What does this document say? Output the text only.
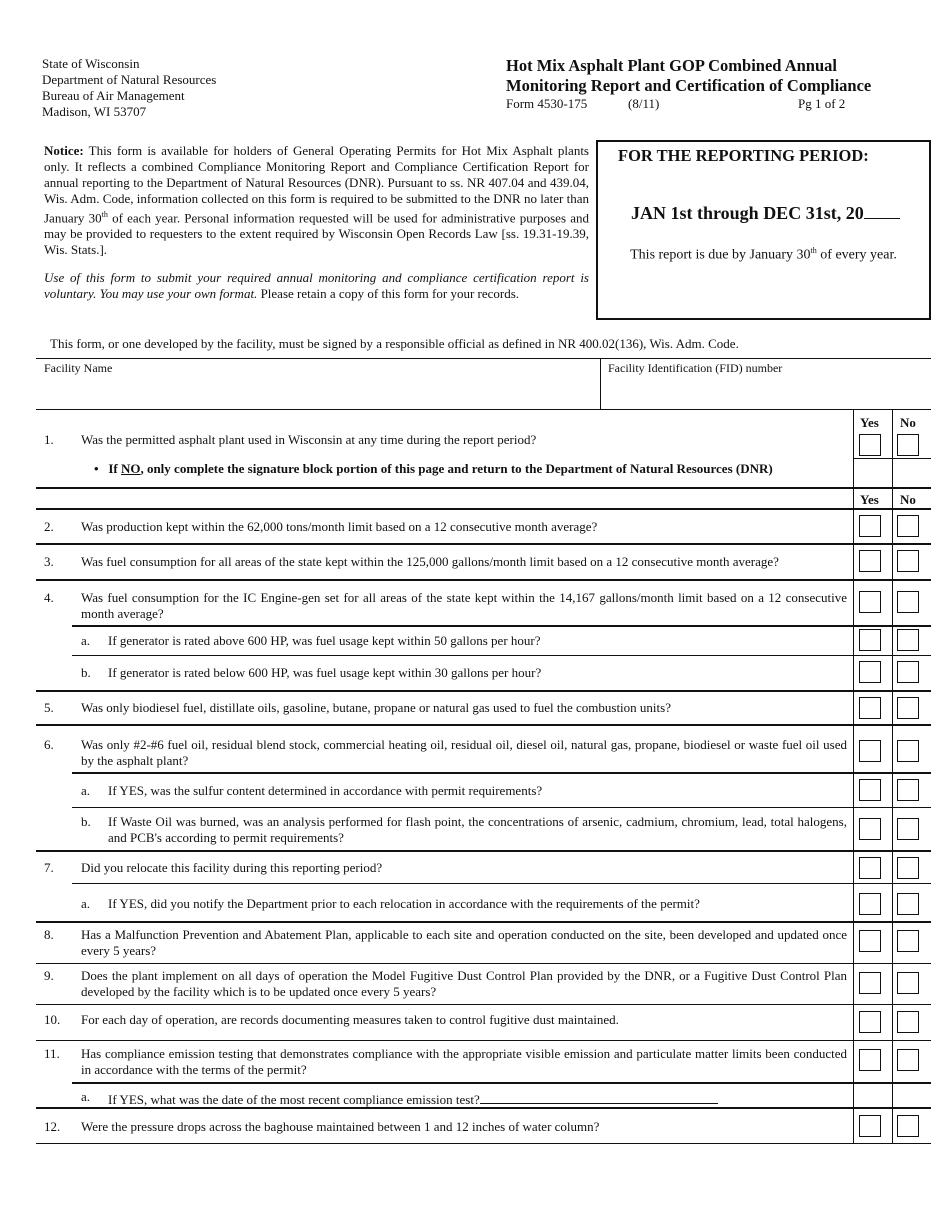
State of Wisconsin
Department of Natural Resources
Bureau of Air Management
Madison, WI 53707
Hot Mix Asphalt Plant GOP Combined Annual
Monitoring Report and Certification of Compliance
Form 4530-175	(8/11)	Pg 1 of 2

Notice: This form is available for holders of General Operating Permits for Hot Mix Asphalt plants only. It reflects a combined Compliance Monitoring Report and Compliance Certification Report for annual reporting to the Department of Natural Resources (DNR). Pursuant to ss. NR 407.04 and 439.04, Wis. Adm. Code, information collected on this form is required to be submitted to the DNR no later than January 30th of each year. Personal information requested will be used for administrative purposes and may be provided to requesters to the extent required by Wisconsin Open Records Law [ss. 19.31-19.39, Wis. Stats.].

Use of this form to submit your required annual monitoring and compliance certification report is voluntary. You may use your own format. Please retain a copy of this form for your records.

FOR THE REPORTING PERIOD:
JAN 1st through DEC 31st, 20
This report is due by January 30th of every year.
This form, or one developed by the facility, must be signed by a responsible official as defined in NR 400.02(136), Wis. Adm. Code.
Facility Name	Facility Identification (FID) number
Yes No
1. Was the permitted asphalt plant used in Wisconsin at any time during the report period?
• If NO, only complete the signature block portion of this page and return to the Department of Natural Resources (DNR)
Yes No
2. Was production kept within the 62,000 tons/month limit based on a 12 consecutive month average?
3. Was fuel consumption for all areas of the state kept within the 125,000 gallons/month limit based on a 12 consecutive month average?
4. Was fuel consumption for the IC Engine-gen set for all areas of the state kept within the 14,167 gallons/month limit based on a 12 consecutive month average?
a. If generator is rated above 600 HP, was fuel usage kept within 50 gallons per hour?
b. If generator is rated below 600 HP, was fuel usage kept within 30 gallons per hour?
5. Was only biodiesel fuel, distillate oils, gasoline, butane, propane or natural gas used to fuel the combustion units?
6. Was only #2-#6 fuel oil, residual blend stock, commercial heating oil, residual oil, diesel oil, natural gas, propane, biodiesel or waste fuel oil used by the asphalt plant?
a. If YES, was the sulfur content determined in accordance with permit requirements?
b. If Waste Oil was burned, was an analysis performed for flash point, the concentrations of arsenic, cadmium, chromium, lead, total halogens, and PCB's according to permit requirements?
7. Did you relocate this facility during this reporting period?
a. If YES, did you notify the Department prior to each relocation in accordance with the requirements of the permit?
8. Has a Malfunction Prevention and Abatement Plan, applicable to each site and operation conducted on the site, been developed and updated once every 5 years?
9. Does the plant implement on all days of operation the Model Fugitive Dust Control Plan provided by the DNR, or a Fugitive Dust Control Plan developed by the facility which is to be updated once every 5 years?
10. For each day of operation, are records documenting measures taken to control fugitive dust maintained.
11. Has compliance emission testing that demonstrates compliance with the appropriate visible emission and particulate matter limits been conducted in accordance with the terms of the permit?
a. If YES, what was the date of the most recent compliance emission test?
12. Were the pressure drops across the baghouse maintained between 1 and 12 inches of water column?
